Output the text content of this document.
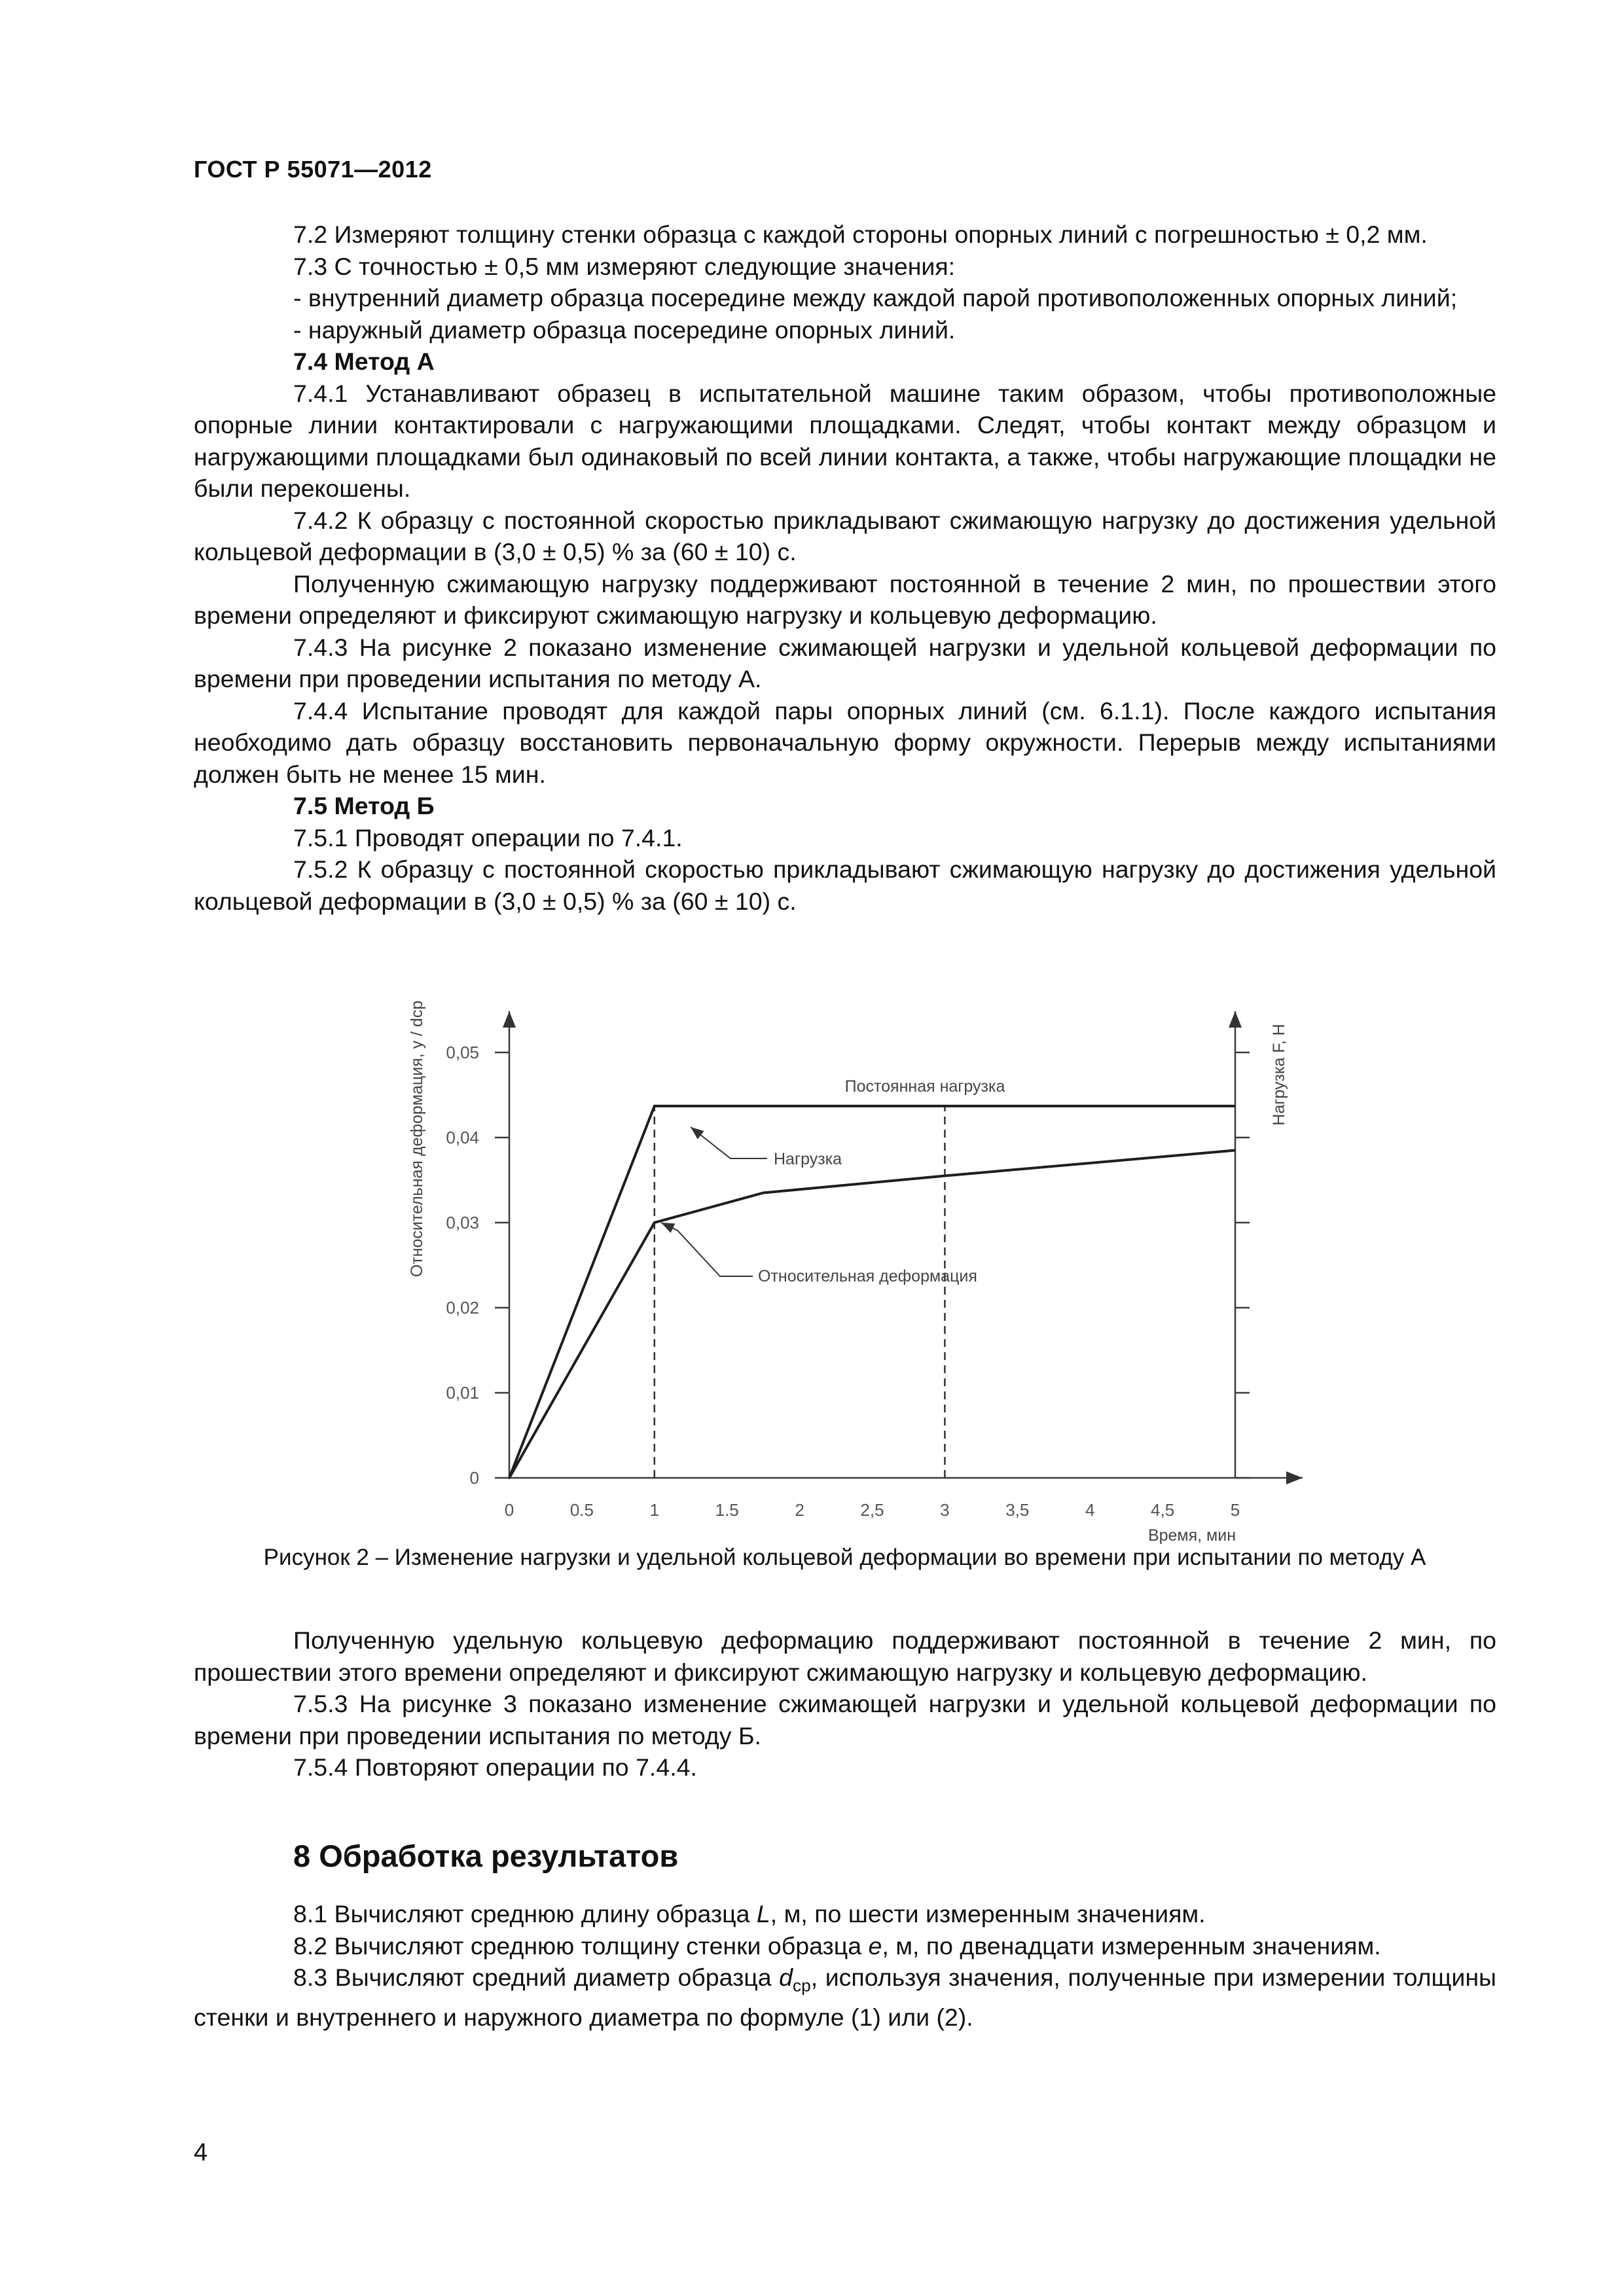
ГОСТ Р 55071—2012

7.2 Измеряют толщину стенки образца с каждой стороны опорных линий с погрешностью ± 0,2 мм.

7.3 С точностью ± 0,5 мм измеряют следующие значения:

- внутренний диаметр образца посередине между каждой парой противоположенных опорных линий;

- наружный диаметр образца посередине опорных линий.

7.4 Метод А

7.4.1 Устанавливают образец в испытательной машине таким образом, чтобы противоположные опорные линии контактировали с нагружающими площадками. Следят, чтобы контакт между образцом и нагружающими площадками был одинаковый по всей линии контакта, а также, чтобы нагружающие площадки не были перекошены.

7.4.2 К образцу с постоянной скоростью прикладывают сжимающую нагрузку до достижения удельной кольцевой деформации в (3,0 ± 0,5) % за (60 ± 10) с.

Полученную сжимающую нагрузку поддерживают постоянной в течение 2 мин, по прошествии этого времени определяют и фиксируют сжимающую нагрузку и кольцевую деформацию.

7.4.3 На рисунке 2 показано изменение сжимающей нагрузки и удельной кольцевой деформации по времени при проведении испытания по методу А.

7.4.4 Испытание проводят для каждой пары опорных линий (см. 6.1.1). После каждого испытания необходимо дать образцу восстановить первоначальную форму окружности. Перерыв между испытаниями должен быть не менее 15 мин.

7.5 Метод Б

7.5.1 Проводят операции по 7.4.1.

7.5.2 К образцу с постоянной скоростью прикладывают сжимающую нагрузку до достижения удельной кольцевой деформации в (3,0 ± 0,5) % за (60 ± 10) с.

0
0,01
0,02
0,03
0,04
0,05
0	0.5	1	1.5	2	2,5	3	3,5	4	4,5	5
Постоянная нагрузка
Нагрузка
Относительная деформация
Время, мин
Относительная деформация, y / dср	Нагрузка F, Н
Рисунок 2 – Изменение нагрузки и удельной кольцевой деформации во времени при испытании по методу А

Полученную удельную кольцевую деформацию поддерживают постоянной в течение 2 мин, по прошествии этого времени определяют и фиксируют сжимающую нагрузку и кольцевую деформацию.

7.5.3 На рисунке 3 показано изменение сжимающей нагрузки и удельной кольцевой деформации по времени при проведении испытания по методу Б.

7.5.4 Повторяют операции по 7.4.4.

8 Обработка результатов

8.1 Вычисляют среднюю длину образца L, м, по шести измеренным значениям.

8.2 Вычисляют среднюю толщину стенки образца e, м, по двенадцати измеренным значениям.

8.3 Вычисляют средний диаметр образца $d_{ср}$, используя значения, полученные при измерении толщины стенки и внутреннего и наружного диаметра по формуле (1) или (2).

4
